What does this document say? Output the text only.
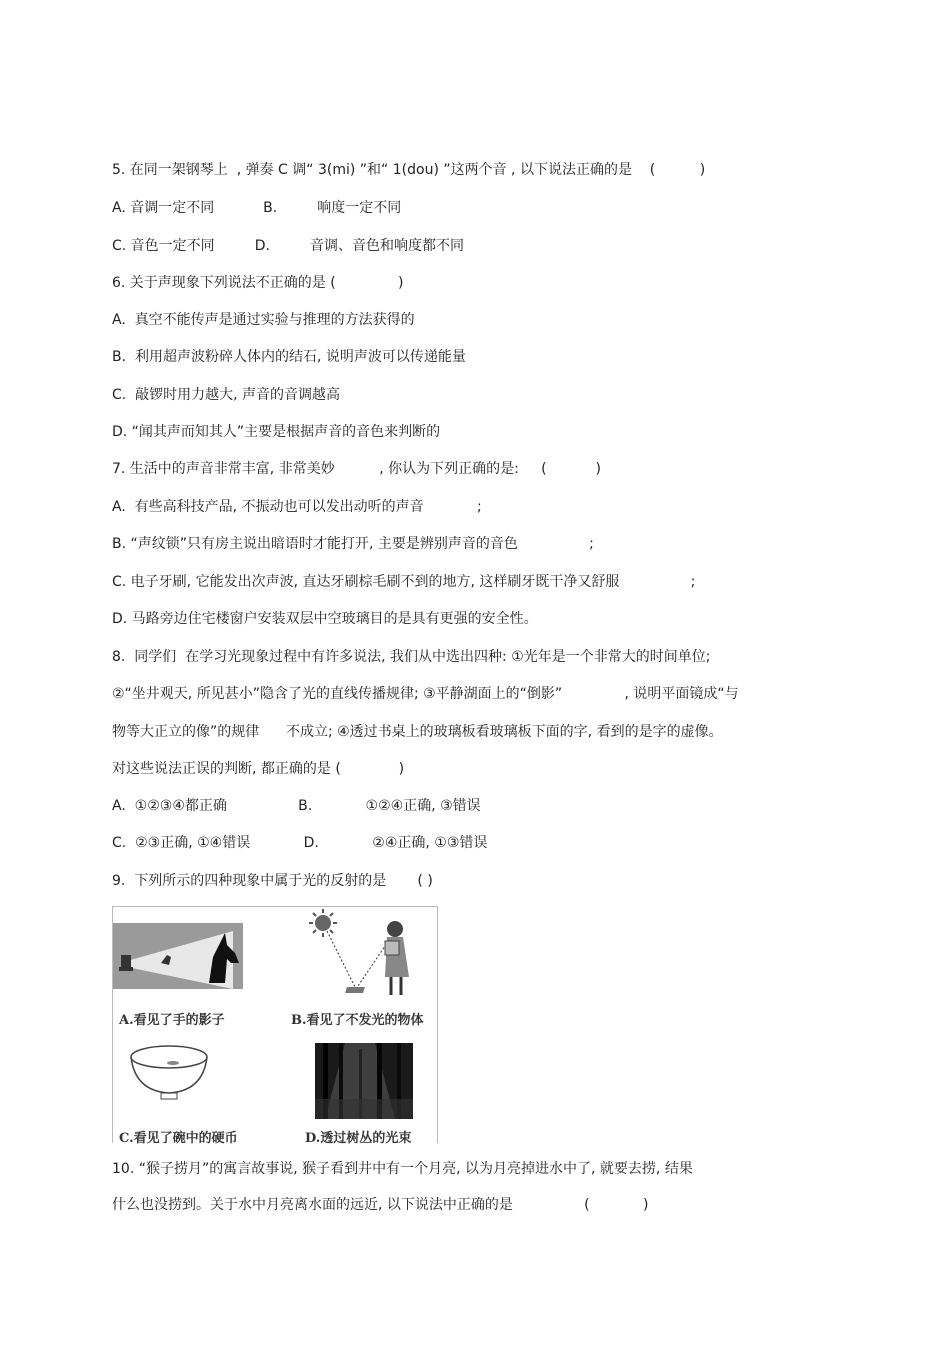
5. 在同一架钢琴上  , 弹奏 C 调“ 3(mi) ”和“ 1(dou) ”这两个音 , 以下说法正确的是    (          )
A. 音调一定不同           B.         响度一定不同
C. 音色一定不同         D.         音调、音色和响度都不同
6. 关于声现象下列说法不正确的是 (              )
A.  真空不能传声是通过实验与推理的方法获得的
B.  利用超声波粉碎人体内的结石, 说明声波可以传递能量
C.  敲锣时用力越大, 声音的音调越高
D. “闻其声而知其人”主要是根据声音的音色来判断的
7. 生活中的声音非常丰富, 非常美妙          , 你认为下列正确的是:     (           )
A.  有些高科技产品, 不振动也可以发出动听的声音            ;
B. “声纹锁”只有房主说出暗语时才能打开, 主要是辨别声音的音色                ;
C. 电子牙刷, 它能发出次声波, 直达牙刷棕毛刷不到的地方, 这样刷牙既干净又舒服                ;
D. 马路旁边住宅楼窗户安装双层中空玻璃目的是具有更强的安全性。
8.  同学们  在学习光现象过程中有许多说法, 我们从中选出四种: ①光年是一个非常大的时间单位;
②“坐井观天, 所见甚小”隐含了光的直线传播规律; ③平静湖面上的“倒影”              , 说明平面镜成“与
物等大正立的像”的规律      不成立; ④透过书桌上的玻璃板看玻璃板下面的字, 看到的是字的虚像。
对这些说法正误的判断, 都正确的是 (             )
A.  ①②③④都正确                B.            ①②④正确, ③错误
C.  ②③正确, ①④错误            D.            ②④正确, ①③错误
9.  下列所示的四种现象中属于光的反射的是       ( )
A.看见了手的影子	B.看见了不发光的物体
C.看见了碗中的硬币	D.透过树丛的光束
10. “猴子捞月”的寓言故事说, 猴子看到井中有一个月亮, 以为月亮掉进水中了, 就要去捞, 结果
什么也没捞到。关于水中月亮离水面的远近, 以下说法中正确的是                (            )
